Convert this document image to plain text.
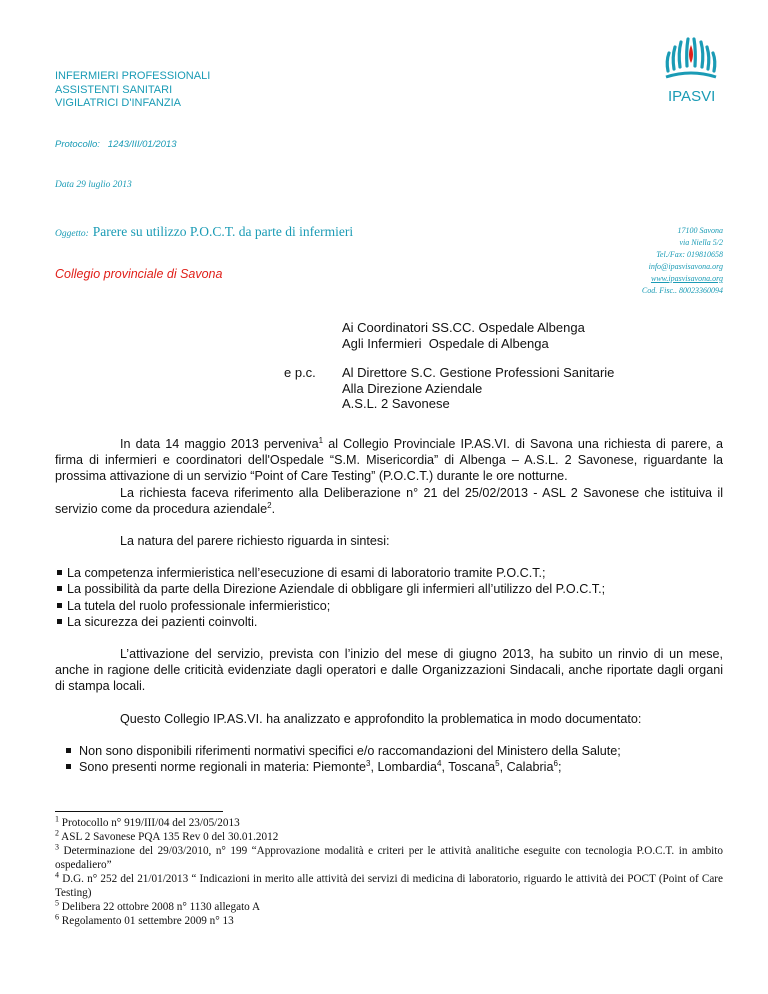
INFERMIERI PROFESSIONALI
ASSISTENTI SANITARI
VIGILATRICI D'INFANZIA	IPASVI
Protocollo:   1243/III/01/2013
Data 29 luglio 2013
Oggetto: Parere su utilizzo P.O.C.T. da parte di infermieri
Collegio provinciale di Savona
17100 Savona
via Niella 5/2
Tel./Fax: 019810658
info@ipasvisavona.org
www.ipasvisavona.org
Cod. Fisc.. 80023360094
Ai Coordinatori SS.CC. Ospedale Albenga
Agli Infermieri  Ospedale di Albenga
e p.c. Al Direttore S.C. Gestione Professioni Sanitarie
Alla Direzione Aziendale
A.S.L. 2 Savonese

In data 14 maggio 2013 perveniva$^1$ al Collegio Provinciale IP.AS.VI. di Savona una richiesta di parere, a firma di infermieri e coordinatori dell'Ospedale “S.M. Misericordia” di Albenga – A.S.L. 2 Savonese, riguardante la prossima attivazione di un servizio “Point of Care Testing” (P.O.C.T.) durante le ore notturne.

La richiesta faceva riferimento alla Deliberazione n° 21 del 25/02/2013 - ASL 2 Savonese che istituiva il servizio come da procedura aziendale$^2$.

La natura del parere richiesto riguarda in sintesi:

La competenza infermieristica nell’esecuzione di esami di laboratorio tramite P.O.C.T.;
La possibilità da parte della Direzione Aziendale di obbligare gli infermieri all’utilizzo del P.O.C.T.;
La tutela del ruolo professionale infermieristico;
La sicurezza dei pazienti coinvolti.

L’attivazione del servizio, prevista con l’inizio del mese di giugno 2013, ha subito un rinvio di un mese, anche in ragione delle criticità evidenziate dagli operatori e dalle Organizzazioni Sindacali, anche riportate dagli organi di stampa locali.

Questo Collegio IP.AS.VI. ha analizzato e approfondito la problematica in modo documentato:

Non sono disponibili riferimenti normativi specifici e/o raccomandazioni del Ministero della Salute;
Sono presenti norme regionali in materia: Piemonte$^3$, Lombardia$^4$, Toscana$^5$, Calabria$^6$;
$^1$ Protocollo n° 919/III/04 del 23/05/2013
$^2$ ASL 2 Savonese PQA 135 Rev 0 del 30.01.2012
$^3$ Determinazione del 29/03/2010, n° 199 “Approvazione modalità e criteri per le attività analitiche eseguite con tecnologia P.O.C.T. in ambito ospedaliero”
$^4$ D.G. n° 252 del 21/01/2013 “ Indicazioni in merito alle attività dei servizi di medicina di laboratorio, riguardo le attività dei POCT (Point of Care Testing)
$^5$ Delibera 22 ottobre 2008 n° 1130 allegato A
$^6$ Regolamento 01 settembre 2009 n° 13
